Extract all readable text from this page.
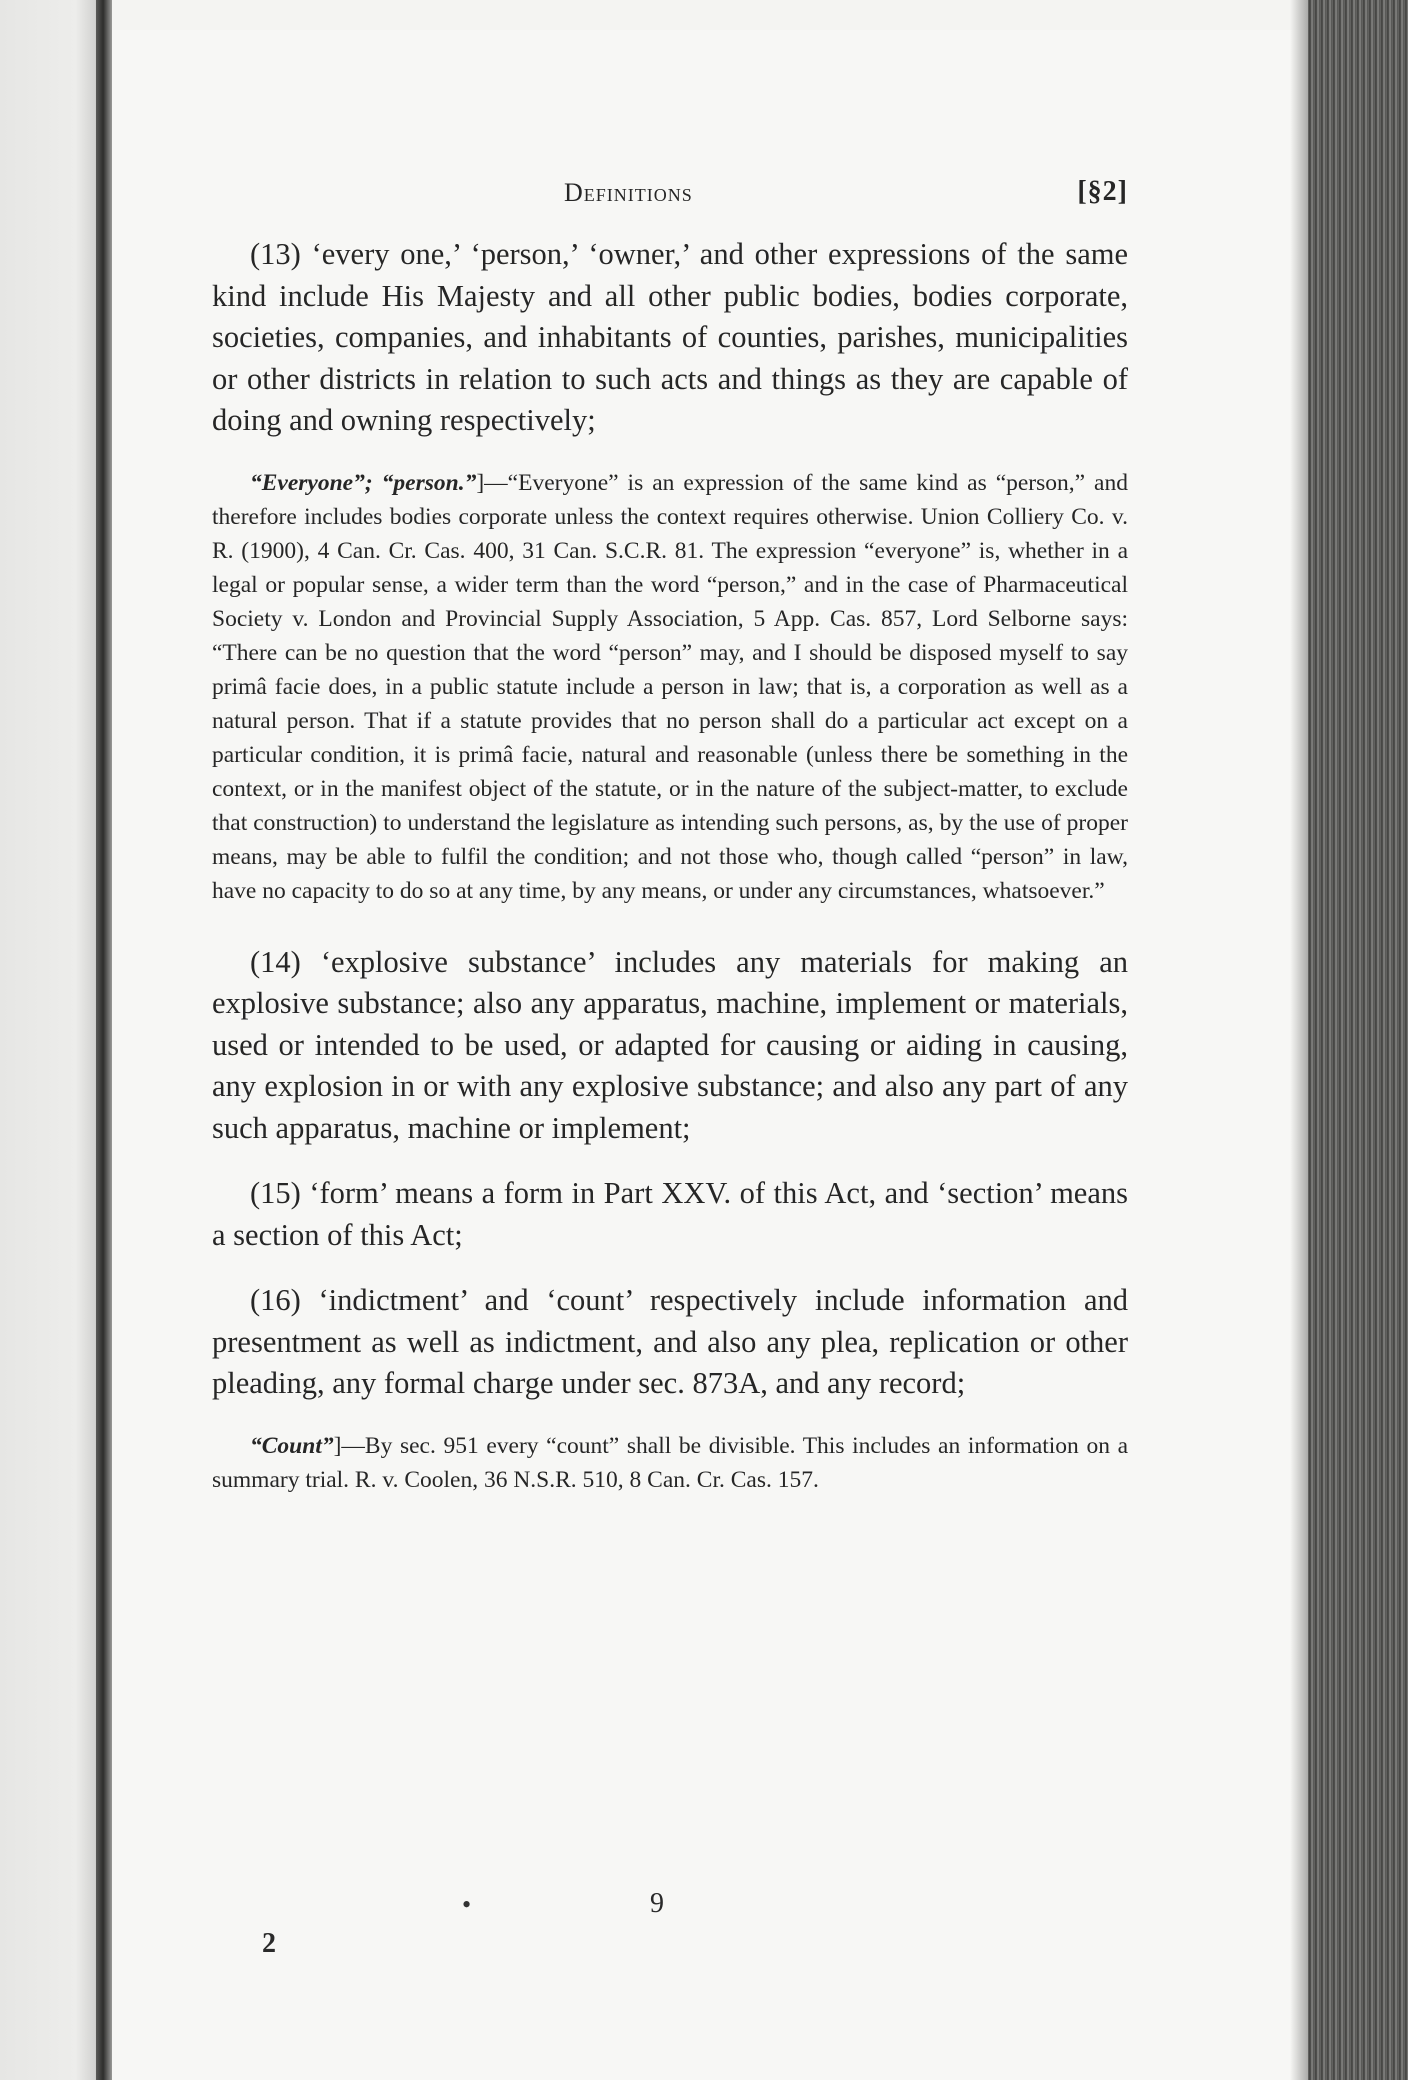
Definitions	[§2]

(13) ‘every one,’ ‘person,’ ‘owner,’ and other expressions of the same kind include His Majesty and all other public bodies, bodies corporate, societies, companies, and inhabitants of counties, parishes, municipalities or other districts in relation to such acts and things as they are capable of doing and owning respectively;

“Everyone”; “person.”]—“Everyone” is an expression of the same kind as “person,” and therefore includes bodies corporate unless the context requires otherwise. Union Colliery Co. v. R. (1900), 4 Can. Cr. Cas. 400, 31 Can. S.C.R. 81. The expression “everyone” is, whether in a legal or popular sense, a wider term than the word “person,” and in the case of Pharmaceutical Society v. London and Provincial Supply Association, 5 App. Cas. 857, Lord Selborne says: “There can be no question that the word “person” may, and I should be disposed myself to say primâ facie does, in a public statute include a person in law; that is, a corporation as well as a natural person. That if a statute provides that no person shall do a particular act except on a particular condition, it is primâ facie, natural and reasonable (unless there be something in the context, or in the manifest object of the statute, or in the nature of the subject-matter, to exclude that construction) to understand the legislature as intending such persons, as, by the use of proper means, may be able to fulfil the condition; and not those who, though called “person” in law, have no capacity to do so at any time, by any means, or under any circumstances, whatsoever.”

(14) ‘explosive substance’ includes any materials for making an explosive substance; also any apparatus, machine, implement or materials, used or intended to be used, or adapted for causing or aiding in causing, any explosion in or with any explosive substance; and also any part of any such apparatus, machine or implement;

(15) ‘form’ means a form in Part XXV. of this Act, and ‘section’ means a section of this Act;

(16) ‘indictment’ and ‘count’ respectively include information and presentment as well as indictment, and also any plea, replication or other pleading, any formal charge under sec. 873A, and any record;

“Count”]—By sec. 951 every “count” shall be divisible. This includes an information on a summary trial. R. v. Coolen, 36 N.S.R. 510, 8 Can. Cr. Cas. 157.

•	9
2
